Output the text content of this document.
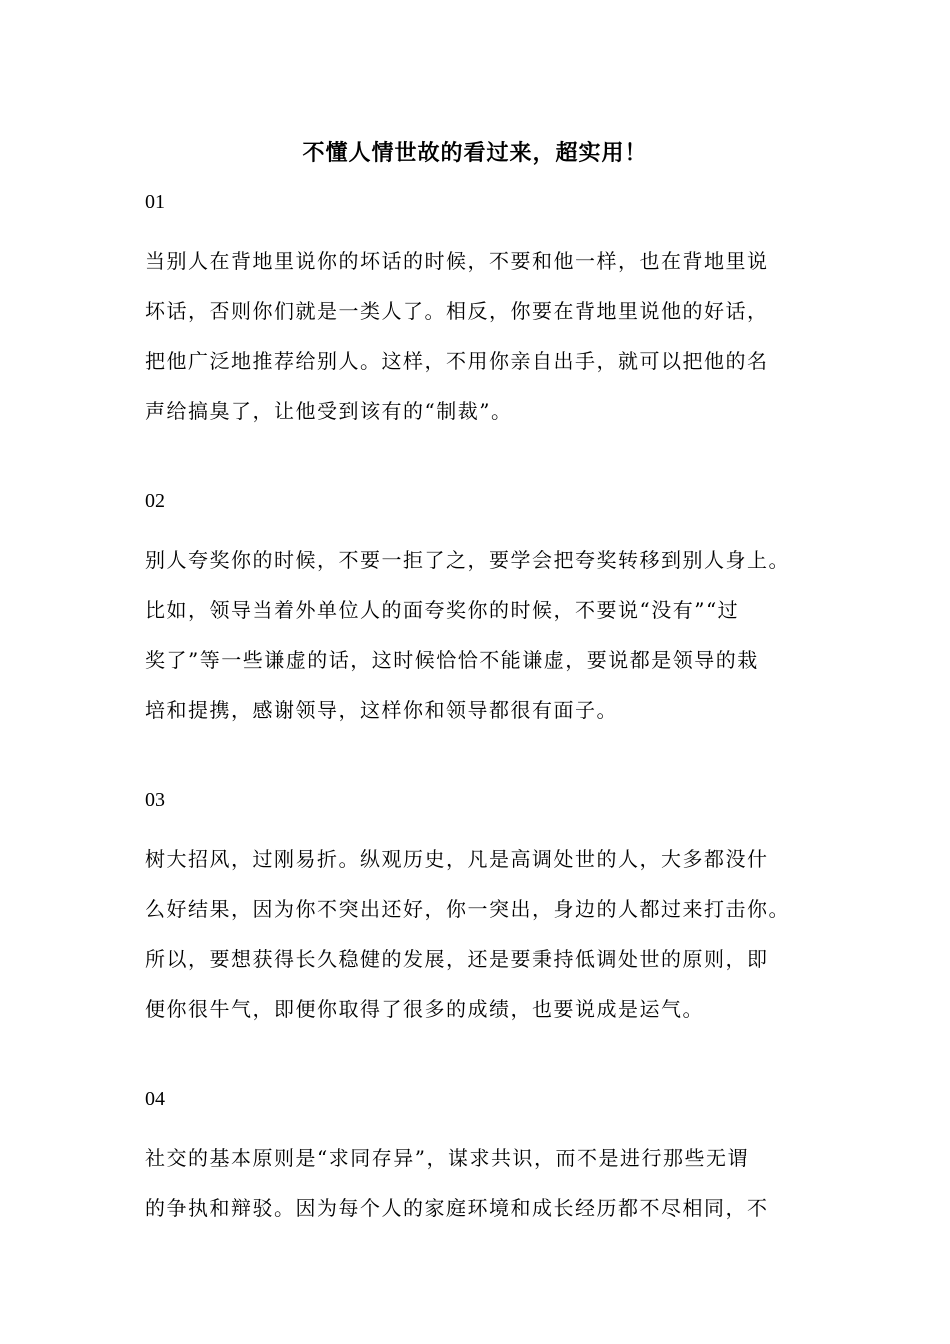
不懂人情世故的看过来，超实用！
01
当别人在背地里说你的坏话的时候，不要和他一样，也在背地里说
坏话，否则你们就是一类人了。相反，你要在背地里说他的好话，
把他广泛地推荐给别人。这样，不用你亲自出手，就可以把他的名
声给搞臭了，让他受到该有的“制裁”。
02
别人夸奖你的时候，不要一拒了之，要学会把夸奖转移到别人身上。
比如，领导当着外单位人的面夸奖你的时候，不要说“没有”“过
奖了”等一些谦虚的话，这时候恰恰不能谦虚，要说都是领导的栽
培和提携，感谢领导，这样你和领导都很有面子。
03
树大招风，过刚易折。纵观历史，凡是高调处世的人，大多都没什
么好结果，因为你不突出还好，你一突出，身边的人都过来打击你。
所以，要想获得长久稳健的发展，还是要秉持低调处世的原则，即
便你很牛气，即便你取得了很多的成绩，也要说成是运气。
04
社交的基本原则是“求同存异”，谋求共识，而不是进行那些无谓
的争执和辩驳。因为每个人的家庭环境和成长经历都不尽相同，不
